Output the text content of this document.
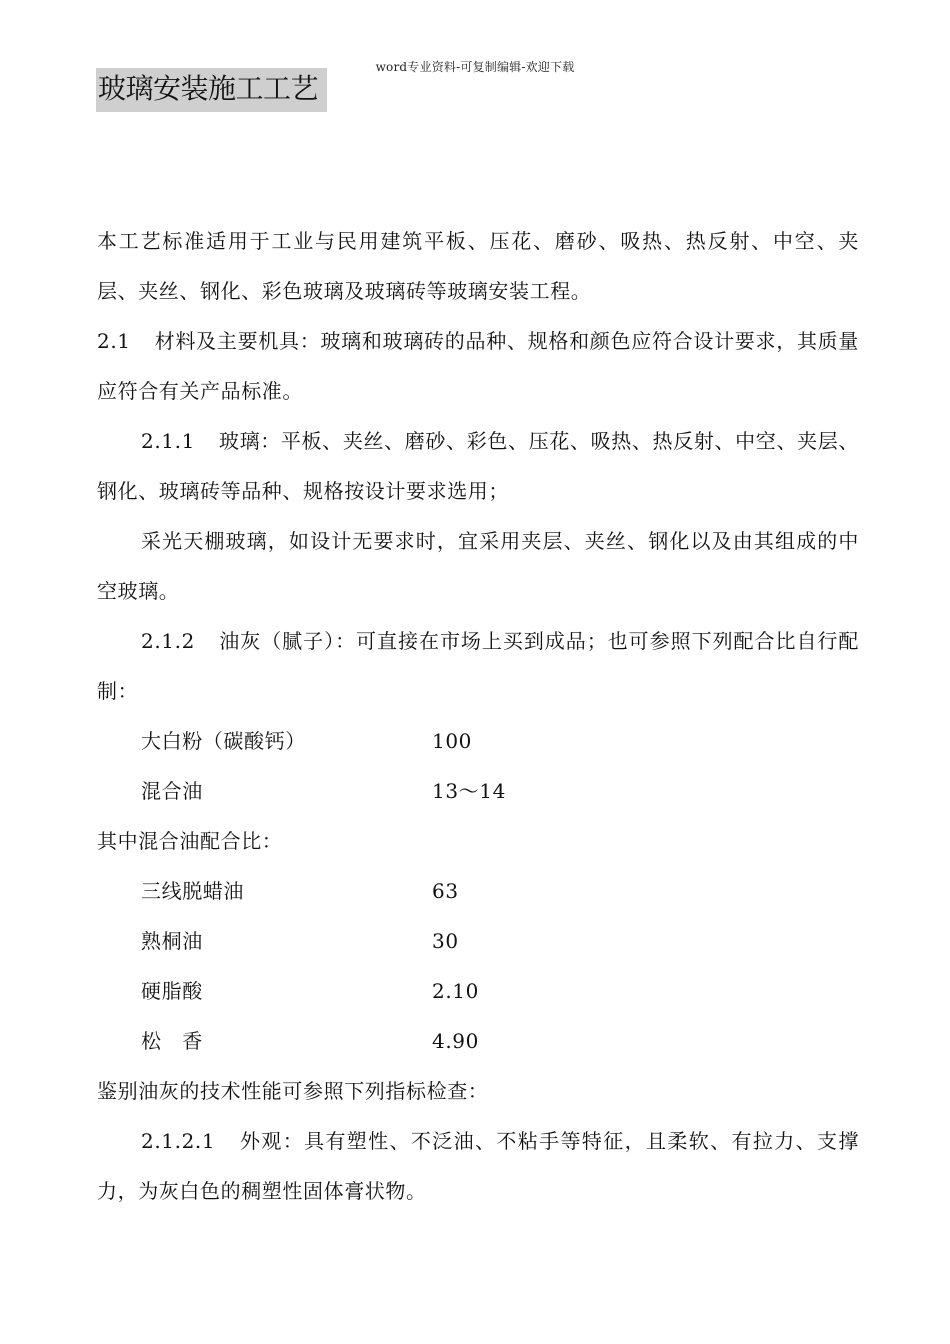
word专业资料-可复制编辑-欢迎下载
玻璃安装施工工艺

本工艺标准适用于工业与民用建筑平板、压花、磨砂、吸热、热反射、中空、夹层、夹丝、钢化、彩色玻璃及玻璃砖等玻璃安装工程。

2.1 材料及主要机具：玻璃和玻璃砖的品种、规格和颜色应符合设计要求，其质量应符合有关产品标准。

2.1.1 玻璃：平板、夹丝、磨砂、彩色、压花、吸热、热反射、中空、夹层、钢化、玻璃砖等品种、规格按设计要求选用；

采光天棚玻璃，如设计无要求时，宜采用夹层、夹丝、钢化以及由其组成的中空玻璃。

2.1.2 油灰（腻子）：可直接在市场上买到成品；也可参照下列配合比自行配制：

大白粉（碳酸钙）	100
混合油	13～14

其中混合油配合比：

三线脱蜡油	63
熟桐油	30
硬脂酸	2.10
松　香	4.90

鉴别油灰的技术性能可参照下列指标检查：

2.1.2.1 外观：具有塑性、不泛油、不粘手等特征，且柔软、有拉力、支撑力，为灰白色的稠塑性固体膏状物。
